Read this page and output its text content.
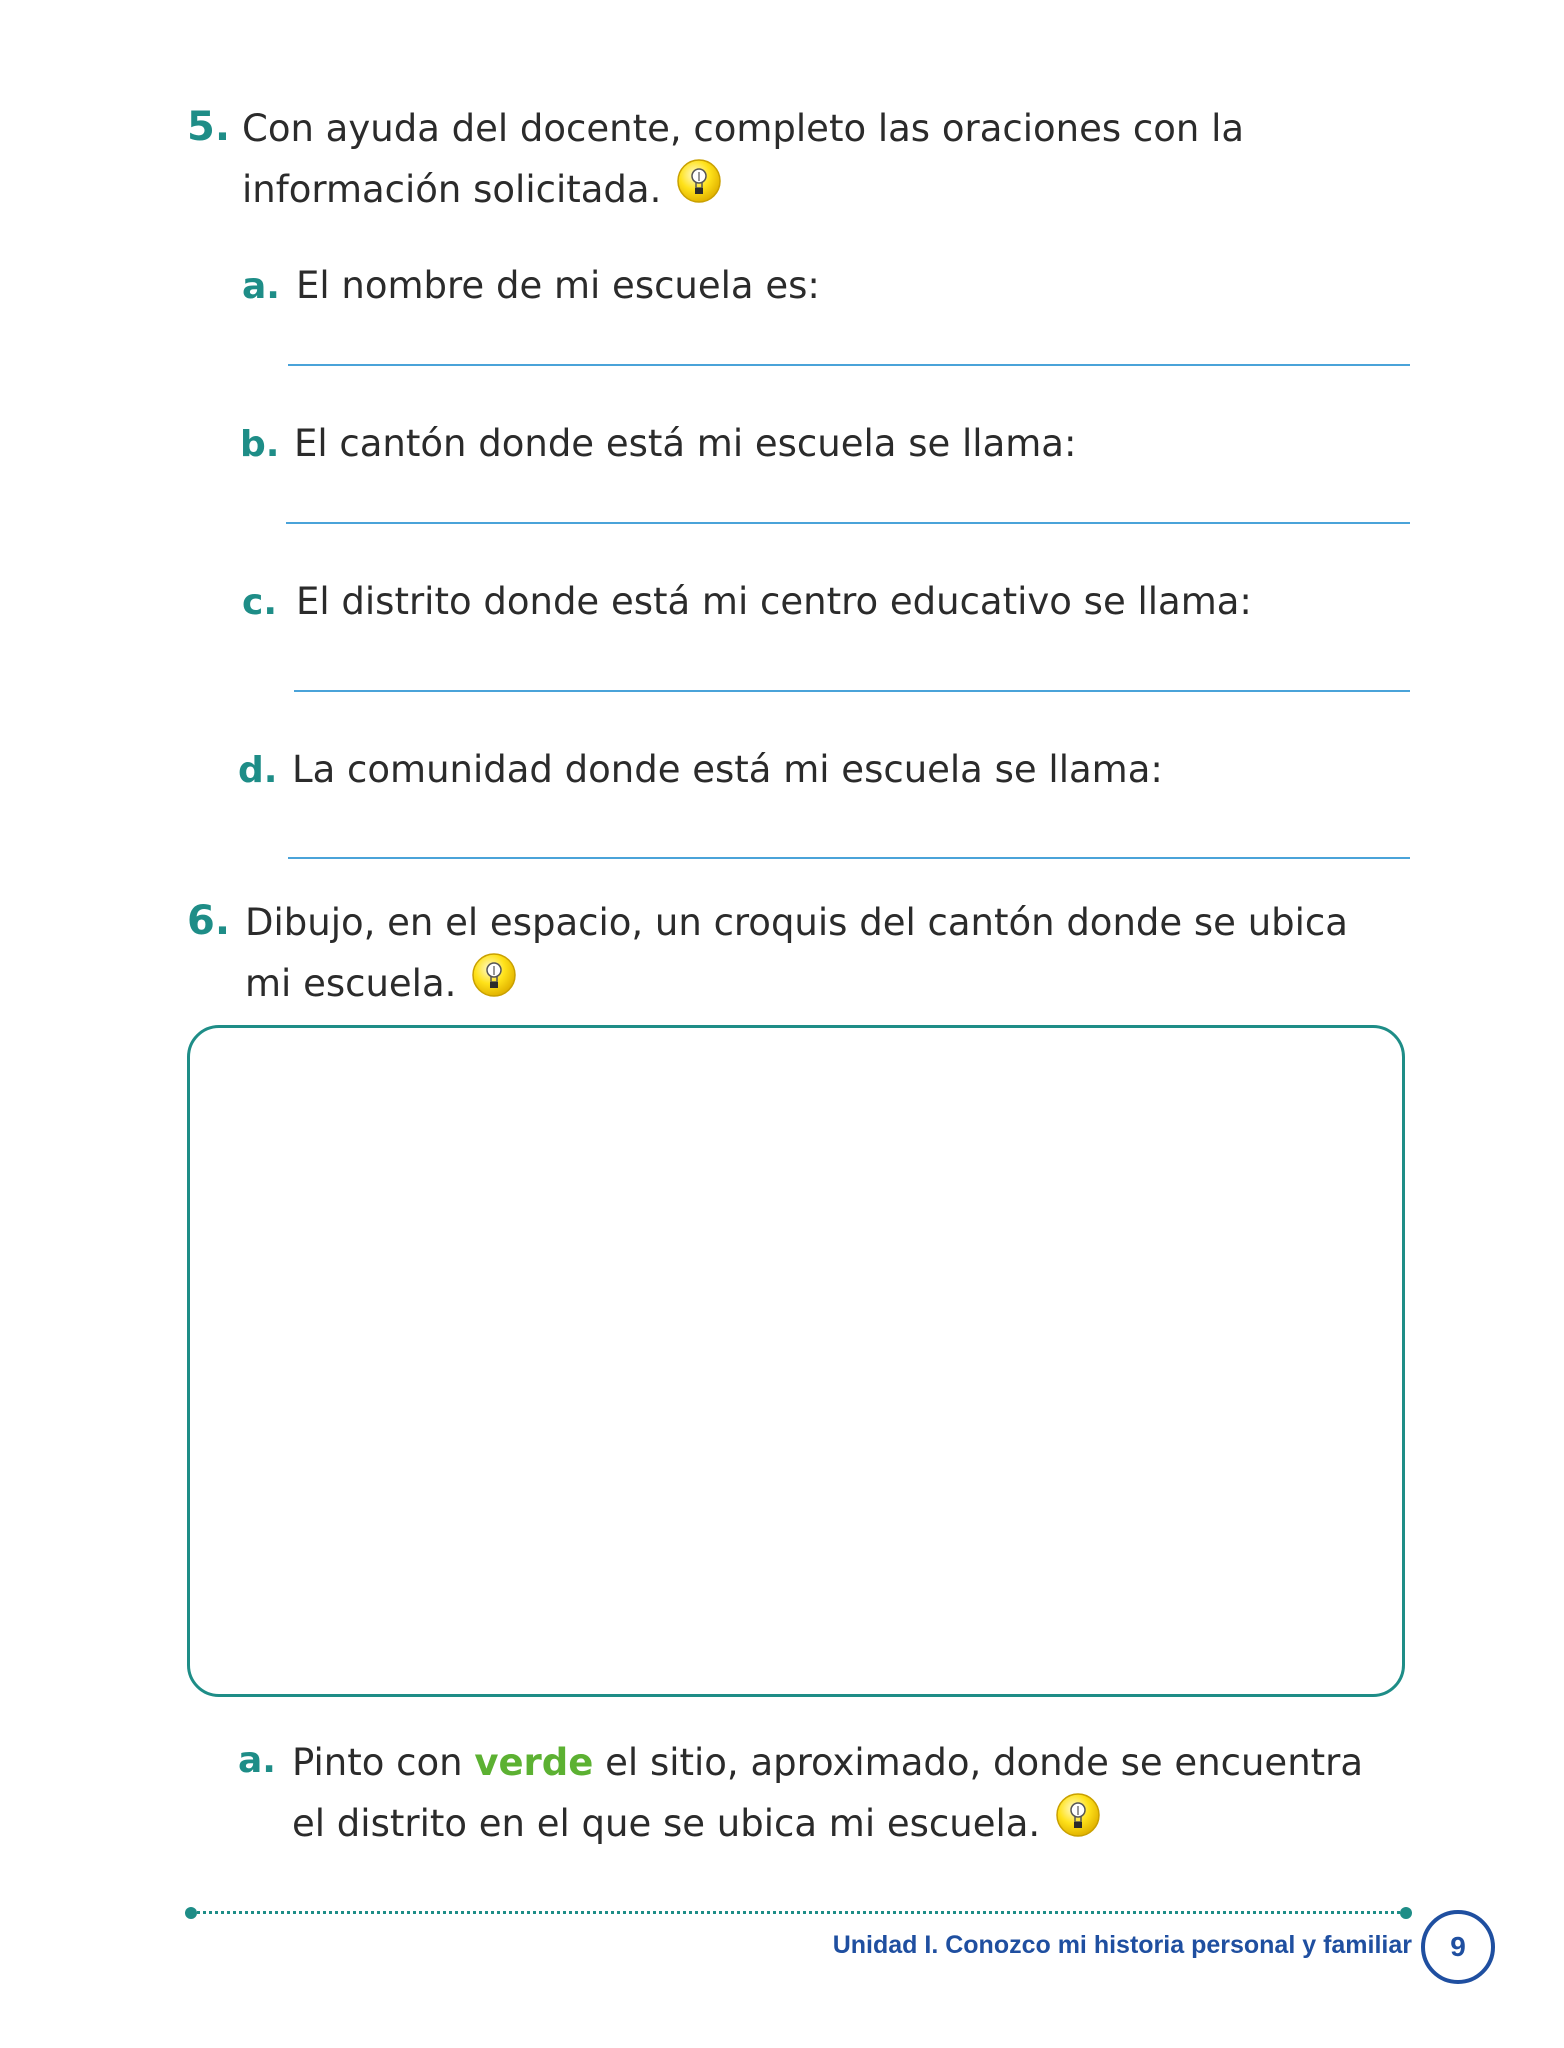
5. Con ayuda del docente, completo las oraciones con la información solicitada.
a. El nombre de mi escuela es:
b. El cantón donde está mi escuela se llama:
c. El distrito donde está mi centro educativo se llama:
d. La comunidad donde está mi escuela se llama:
6. Dibujo, en el espacio, un croquis del cantón donde se ubica mi escuela.
a. Pinto con verde el sitio, aproximado, donde se encuentra el distrito en el que se ubica mi escuela.
Unidad I. Conozco mi historia personal y familiar	9
